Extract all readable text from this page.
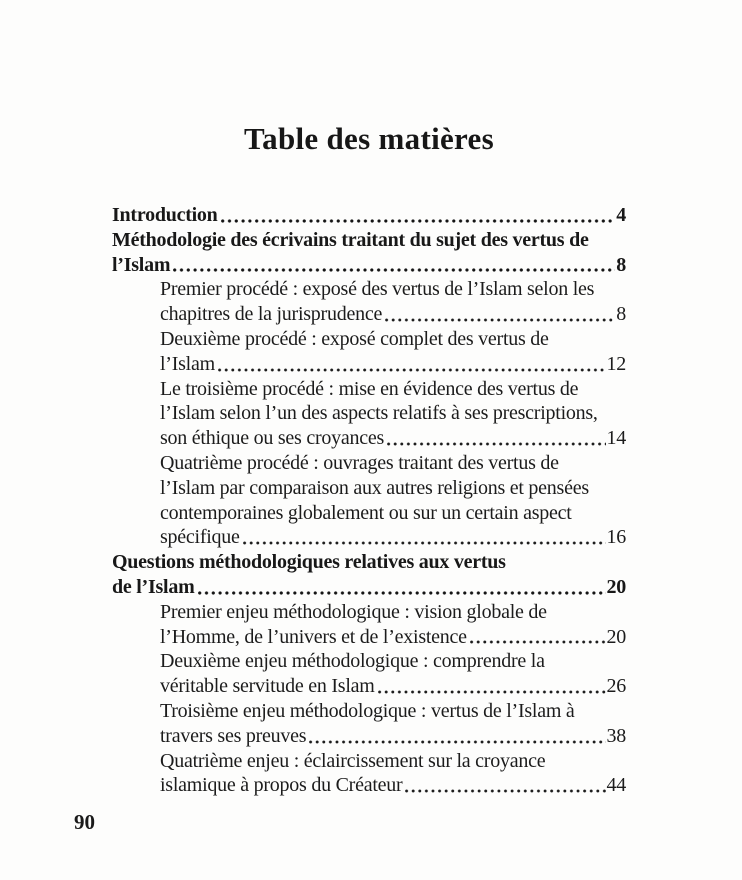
Table des matières
Introduction	4
Méthodologie des écrivains traitant du sujet des vertus de
l’Islam	8
Premier procédé : exposé des vertus de l’Islam selon les
chapitres de la jurisprudence	8
Deuxième procédé : exposé complet des vertus de
l’Islam	12
Le troisième procédé : mise en évidence des vertus de
l’Islam selon l’un des aspects relatifs à ses prescriptions,
son éthique ou ses croyances	14
Quatrième procédé : ouvrages traitant des vertus de
l’Islam par comparaison aux autres religions et pensées
contemporaines globalement ou sur un certain aspect
spécifique	16
Questions méthodologiques relatives aux vertus
de l’Islam	20
Premier enjeu méthodologique : vision globale de
l’Homme, de l’univers et de l’existence	20
Deuxième enjeu méthodologique : comprendre la
véritable servitude en Islam	26
Troisième enjeu méthodologique : vertus de l’Islam à
travers ses preuves	38
Quatrième enjeu : éclaircissement sur la croyance
islamique à propos du Créateur	44
90
